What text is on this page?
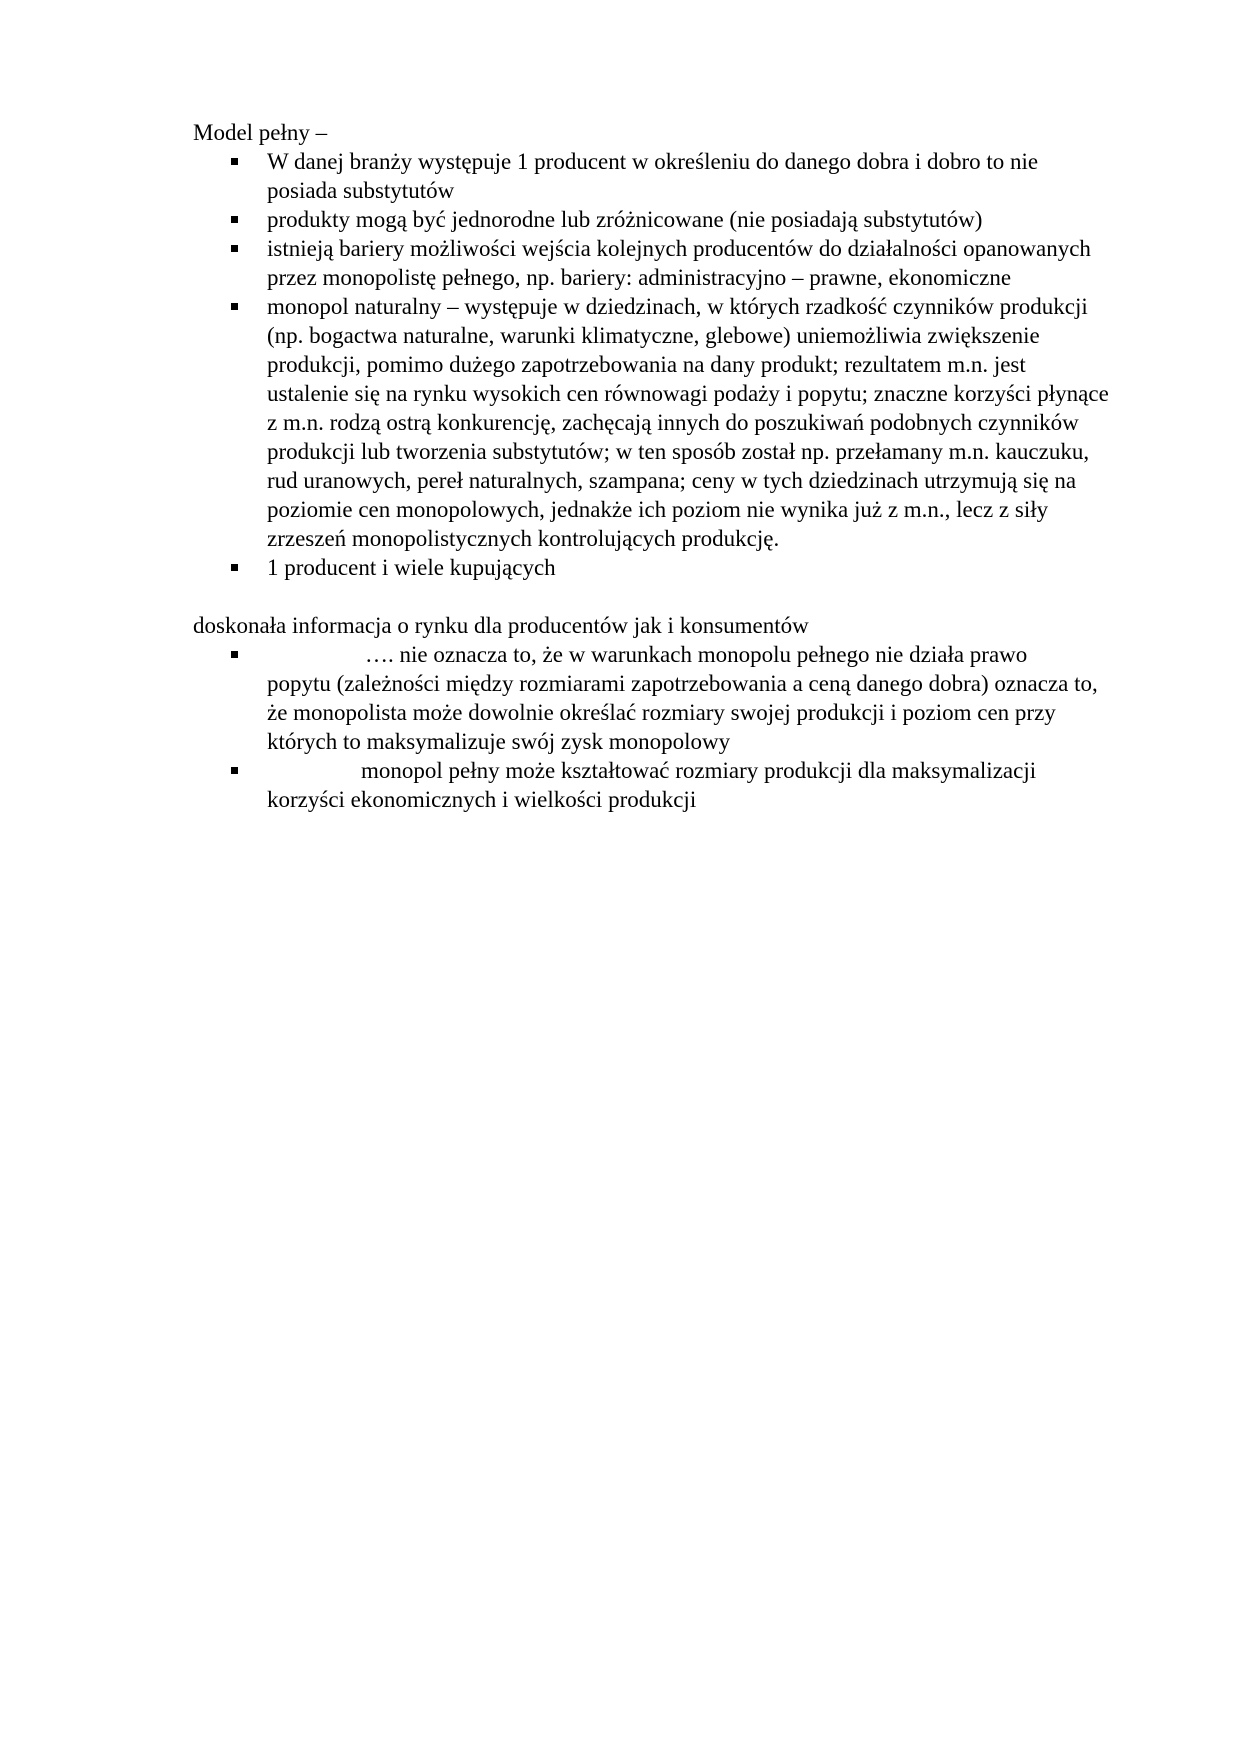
Model pełny –

W danej branży występuje 1 producent w określeniu do danego dobra i dobro to nie posiada substytutów
produkty mogą być jednorodne lub zróżnicowane (nie posiadają substytutów)
istnieją bariery możliwości wejścia kolejnych producentów do działalności opanowanych przez monopolistę pełnego, np. bariery: administracyjno – prawne, ekonomiczne
monopol naturalny – występuje w dziedzinach, w których rzadkość czynników produkcji (np. bogactwa naturalne, warunki klimatyczne, glebowe) uniemożliwia zwiększenie produkcji, pomimo dużego zapotrzebowania na dany produkt; rezultatem m.n. jest ustalenie się na rynku wysokich cen równowagi podaży i popytu; znaczne korzyści płynące z m.n. rodzą ostrą konkurencję, zachęcają innych do poszukiwań podobnych czynników produkcji lub tworzenia substytutów; w ten sposób został np. przełamany m.n. kauczuku, rud uranowych, pereł naturalnych, szampana; ceny w tych dziedzinach utrzymują się na poziomie cen monopolowych, jednakże ich poziom nie wynika już z m.n., lecz z siły zrzeszeń monopolistycznych kontrolujących produkcję.
1 producent i wiele kupujących

doskonała informacja o rynku dla producentów jak i konsumentów

…. nie oznacza to, że w warunkach monopolu pełnego nie działa prawo
popytu (zależności między rozmiarami zapotrzebowania a ceną danego dobra) oznacza to, że monopolista może dowolnie określać rozmiary swojej produkcji i poziom cen przy których to maksymalizuje swój zysk monopolowy
monopol pełny może kształtować rozmiary produkcji dla maksymalizacji
korzyści ekonomicznych i wielkości produkcji
